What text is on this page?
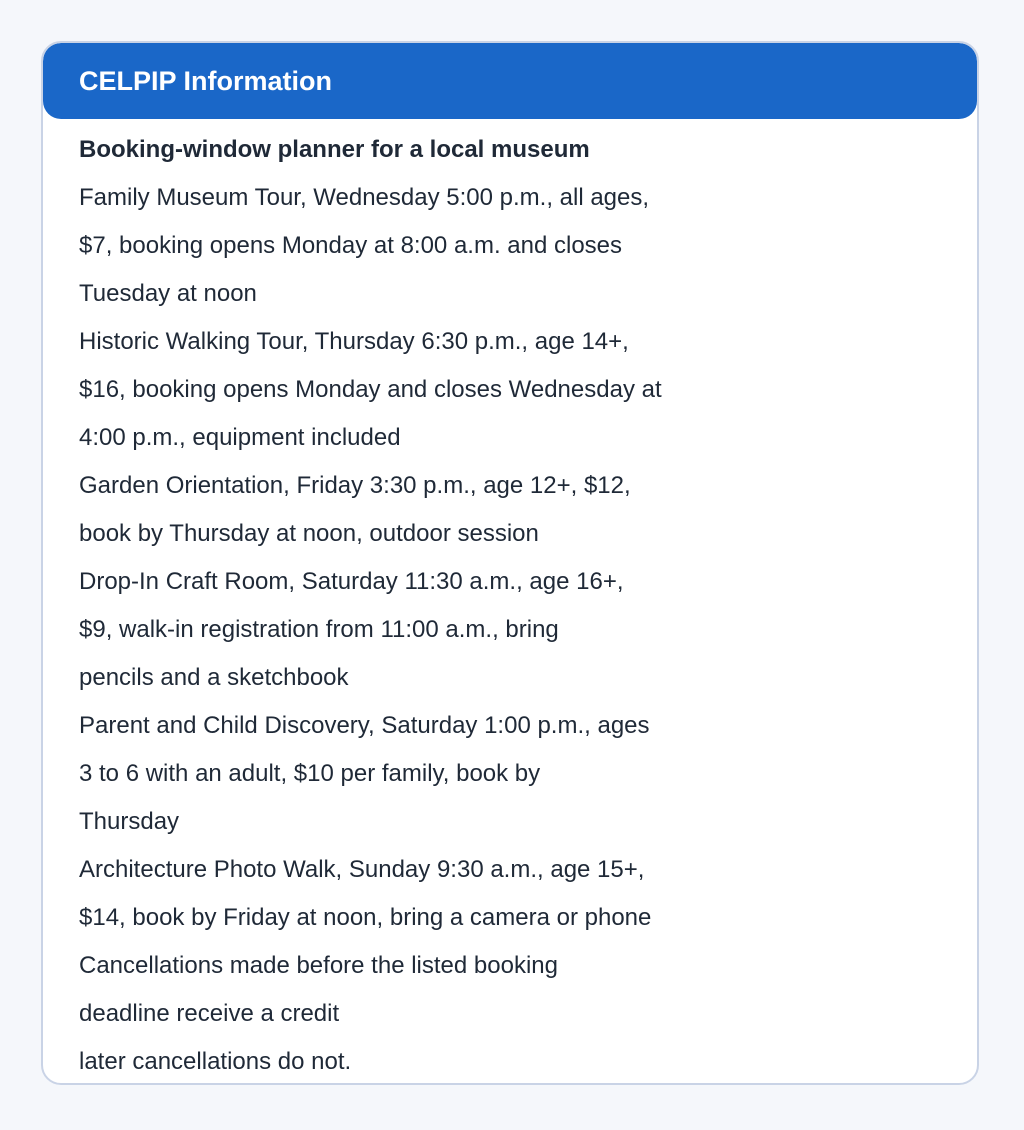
CELPIP Information
Booking-window planner for a local museum
Family Museum Tour, Wednesday 5:00 p.m., all ages,
$7, booking opens Monday at 8:00 a.m. and closes
Tuesday at noon
Historic Walking Tour, Thursday 6:30 p.m., age 14+,
$16, booking opens Monday and closes Wednesday at
4:00 p.m., equipment included
Garden Orientation, Friday 3:30 p.m., age 12+, $12,
book by Thursday at noon, outdoor session
Drop-In Craft Room, Saturday 11:30 a.m., age 16+,
$9, walk-in registration from 11:00 a.m., bring
pencils and a sketchbook
Parent and Child Discovery, Saturday 1:00 p.m., ages
3 to 6 with an adult, $10 per family, book by
Thursday
Architecture Photo Walk, Sunday 9:30 a.m., age 15+,
$14, book by Friday at noon, bring a camera or phone
Cancellations made before the listed booking
deadline receive a credit
later cancellations do not.
